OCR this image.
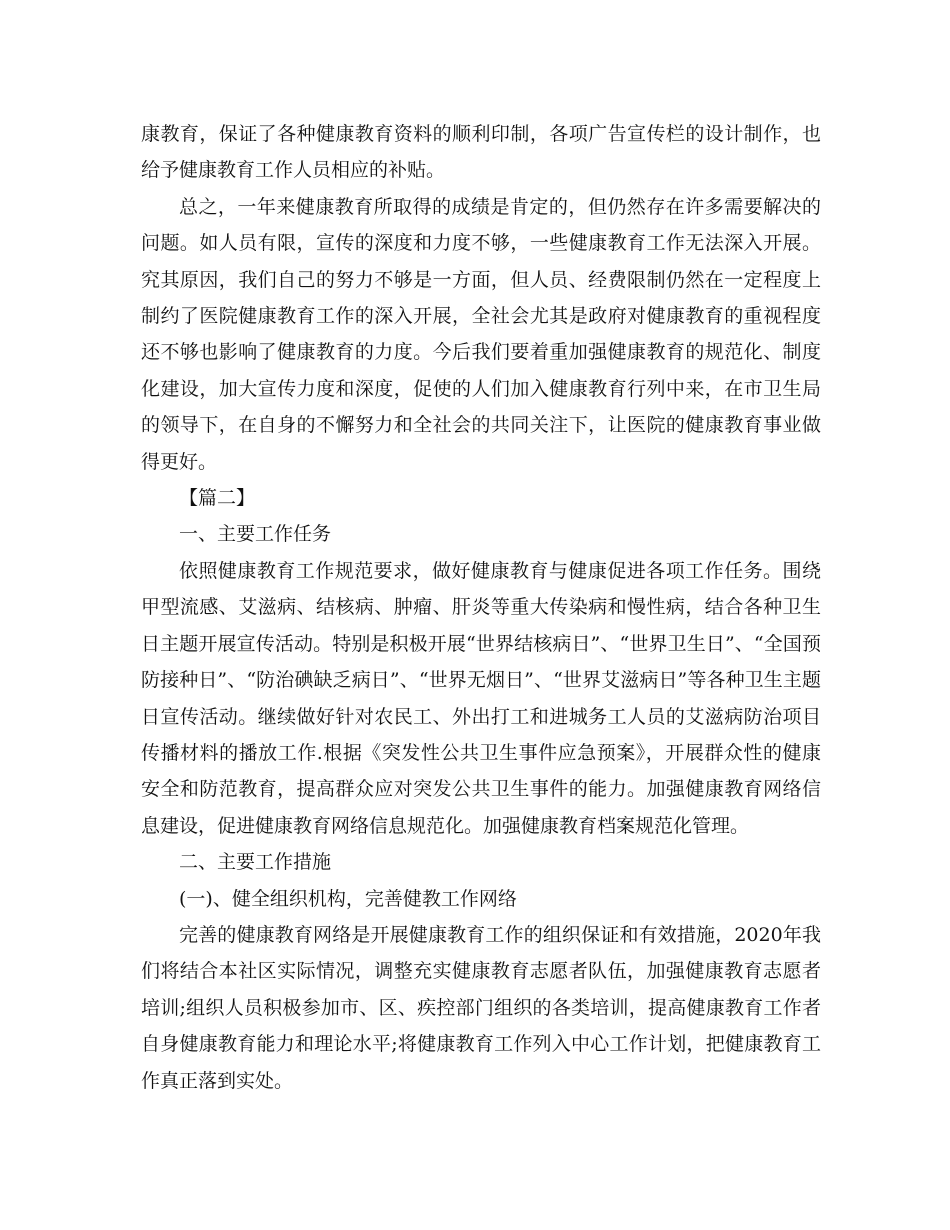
康教育，保证了各种健康教育资料的顺利印制，各项广告宣传栏的设计制作，也给予健康教育工作人员相应的补贴。

总之，一年来健康教育所取得的成绩是肯定的，但仍然存在许多需要解决的问题。如人员有限，宣传的深度和力度不够，一些健康教育工作无法深入开展。究其原因，我们自己的努力不够是一方面，但人员、经费限制仍然在一定程度上制约了医院健康教育工作的深入开展，全社会尤其是政府对健康教育的重视程度还不够也影响了健康教育的力度。今后我们要着重加强健康教育的规范化、制度化建设，加大宣传力度和深度，促使的人们加入健康教育行列中来，在市卫生局的领导下，在自身的不懈努力和全社会的共同关注下，让医院的健康教育事业做得更好。

【篇二】

一、主要工作任务

依照健康教育工作规范要求，做好健康教育与健康促进各项工作任务。围绕甲型流感、艾滋病、结核病、肿瘤、肝炎等重大传染病和慢性病，结合各种卫生日主题开展宣传活动。特别是积极开展“世界结核病日”、“世界卫生日”、“全国预防接种日”、“防治碘缺乏病日”、“世界无烟日”、“世界艾滋病日”等各种卫生主题日宣传活动。继续做好针对农民工、外出打工和进城务工人员的艾滋病防治项目传播材料的播放工作.根据《突发性公共卫生事件应急预案》，开展群众性的健康安全和防范教育，提高群众应对突发公共卫生事件的能力。加强健康教育网络信息建设，促进健康教育网络信息规范化。加强健康教育档案规范化管理。

二、主要工作措施

(一)、健全组织机构，完善健教工作网络

完善的健康教育网络是开展健康教育工作的组织保证和有效措施，2020年我们将结合本社区实际情况，调整充实健康教育志愿者队伍，加强健康教育志愿者培训;组织人员积极参加市、区、疾控部门组织的各类培训，提高健康教育工作者自身健康教育能力和理论水平;将健康教育工作列入中心工作计划，把健康教育工作真正落到实处。
